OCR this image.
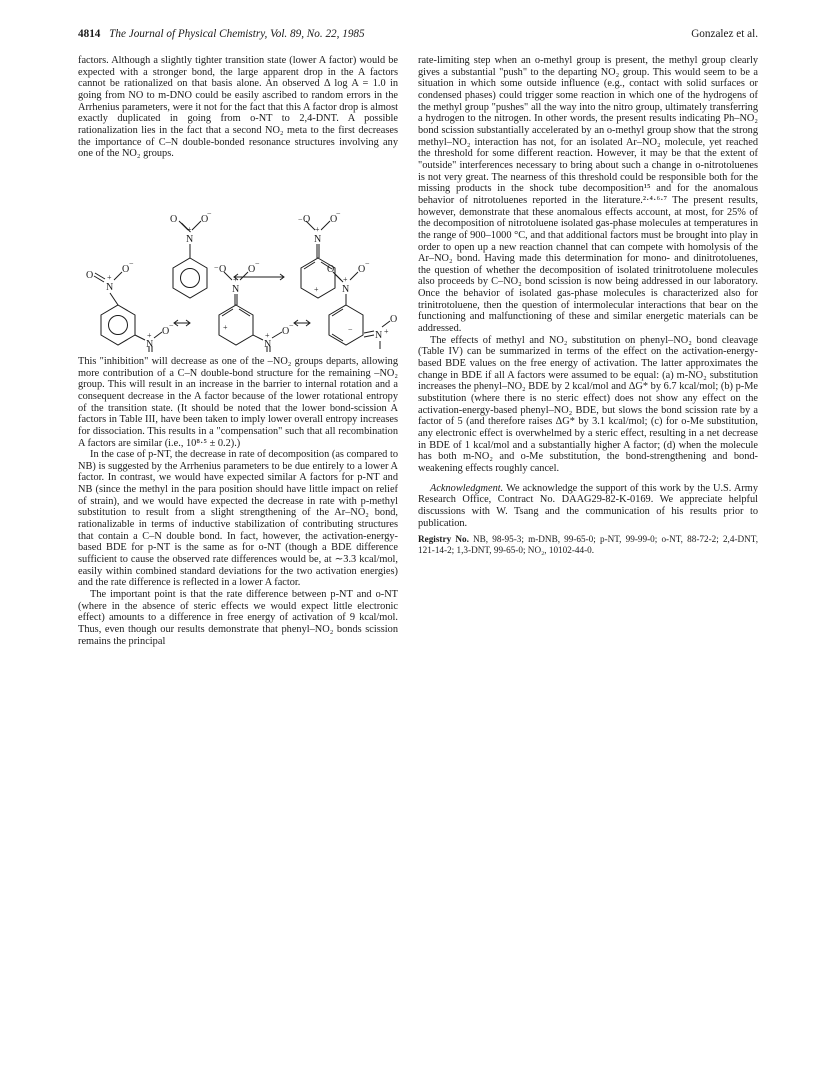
4814 The Journal of Physical Chemistry, Vol. 89, No. 22, 1985	Gonzalez et al.

factors. Although a slightly tighter transition state (lower A factor) would be expected with a stronger bond, the large apparent drop in the A factors cannot be rationalized on that basis alone. An observed Δ log A = 1.0 in going from NO to m-DNO could be easily ascribed to random errors in the Arrhenius parameters, were it not for the fact that this A factor drop is almost exactly duplicated in going from o-NT to 2,4-DNT. A possible rationalization lies in the fact that a second NO₂ meta to the first decreases the importance of C–N double-bonded resonance structures involving any one of the NO₂ groups.

O
N
+
O
−
− O
N
+
O
−
+
O
N
+
O
−
N
+ O
−
− O
N
+
O
−
+
N
+ O
−
O
N
+
O
−
−
N +
O

This "inhibition" will decrease as one of the –NO₂ groups departs, allowing more contribution of a C–N double-bond structure for the remaining –NO₂ group. This will result in an increase in the barrier to internal rotation and a consequent decrease in the A factor because of the lower rotational entropy of the transition state. (It should be noted that the lower bond-scission A factors in Table III, have been taken to imply lower overall entropy increases for dissociation. This results in a "compensation" such that all recombination A factors are similar (i.e., 10⁸·⁵ ± 0.2).)

In the case of p-NT, the decrease in rate of decomposition (as compared to NB) is suggested by the Arrhenius parameters to be due entirely to a lower A factor. In contrast, we would have expected similar A factors for p-NT and NB (since the methyl in the para position should have little impact on relief of strain), and we would have expected the decrease in rate with p-methyl substitution to result from a slight strengthening of the Ar–NO₂ bond, rationalizable in terms of inductive stabilization of contributing structures that contain a C–N double bond. In fact, however, the activation-energy-based BDE for p-NT is the same as for o-NT (though a BDE difference sufficient to cause the observed rate differences would be, at ∼3.3 kcal/mol, easily within combined standard deviations for the two activation energies) and the rate difference is reflected in a lower A factor.

The important point is that the rate difference between p-NT and o-NT (where in the absence of steric effects we would expect little electronic effect) amounts to a difference in free energy of activation of 9 kcal/mol. Thus, even though our results demonstrate that phenyl–NO₂ bonds scission remains the principal

rate-limiting step when an o-methyl group is present, the methyl group clearly gives a substantial "push" to the departing NO₂ group. This would seem to be a situation in which some outside influence (e.g., contact with solid surfaces or condensed phases) could trigger some reaction in which one of the hydrogens of the methyl group "pushes" all the way into the nitro group, ultimately transferring a hydrogen to the nitrogen. In other words, the present results indicating Ph–NO₂ bond scission substantially accelerated by an o-methyl group show that the strong methyl–NO₂ interaction has not, for an isolated Ar–NO₂ molecule, yet reached the threshold for some different reaction. However, it may be that the extent of "outside" interferences necessary to bring about such a change in o-nitrotoluenes is not very great. The nearness of this threshold could be responsible both for the missing products in the shock tube decomposition¹⁵ and for the anomalous behavior of nitrotoluenes reported in the literature.²·⁴·⁶·⁷ The present results, however, demonstrate that these anomalous effects account, at most, for 25% of the decomposition of nitrotoluene isolated gas-phase molecules at temperatures in the range of 900–1000 °C, and that additional factors must be brought into play in order to open up a new reaction channel that can compete with homolysis of the Ar–NO₂ bond. Having made this determination for mono- and dinitrotoluenes, the question of whether the decomposition of isolated trinitrotoluene molecules also proceeds by C–NO₂ bond scission is now being addressed in our laboratory. Once the behavior of isolated gas-phase molecules is characterized also for trinitrotoluene, then the question of intermolecular interactions that bear on the functioning and malfunctioning of these and similar energetic materials can be addressed.

The effects of methyl and NO₂ substitution on phenyl–NO₂ bond cleavage (Table IV) can be summarized in terms of the effect on the activation-energy-based BDE values on the free energy of activation. The latter approximates the change in BDE if all A factors were assumed to be equal: (a) m-NO₂ substitution increases the phenyl–NO₂ BDE by 2 kcal/mol and ΔG* by 6.7 kcal/mol; (b) p-Me substitution (where there is no steric effect) does not show any effect on the activation-energy-based phenyl–NO₂ BDE, but slows the bond scission rate by a factor of 5 (and therefore raises ΔG* by 3.1 kcal/mol; (c) for o-Me substitution, any electronic effect is overwhelmed by a steric effect, resulting in a net decrease in BDE of 1 kcal/mol and a substantially higher A factor; (d) when the molecule has both m-NO₂ and o-Me substitution, the bond-strengthening and bond-weakening effects roughly cancel.

Acknowledgment. We acknowledge the support of this work by the U.S. Army Research Office, Contract No. DAAG29-82-K-0169. We appreciate helpful discussions with W. Tsang and the communication of his results prior to publication.

Registry No. NB, 98-95-3; m-DNB, 99-65-0; p-NT, 99-99-0; o-NT, 88-72-2; 2,4-DNT, 121-14-2; 1,3-DNT, 99-65-0; NO₂, 10102-44-0.
